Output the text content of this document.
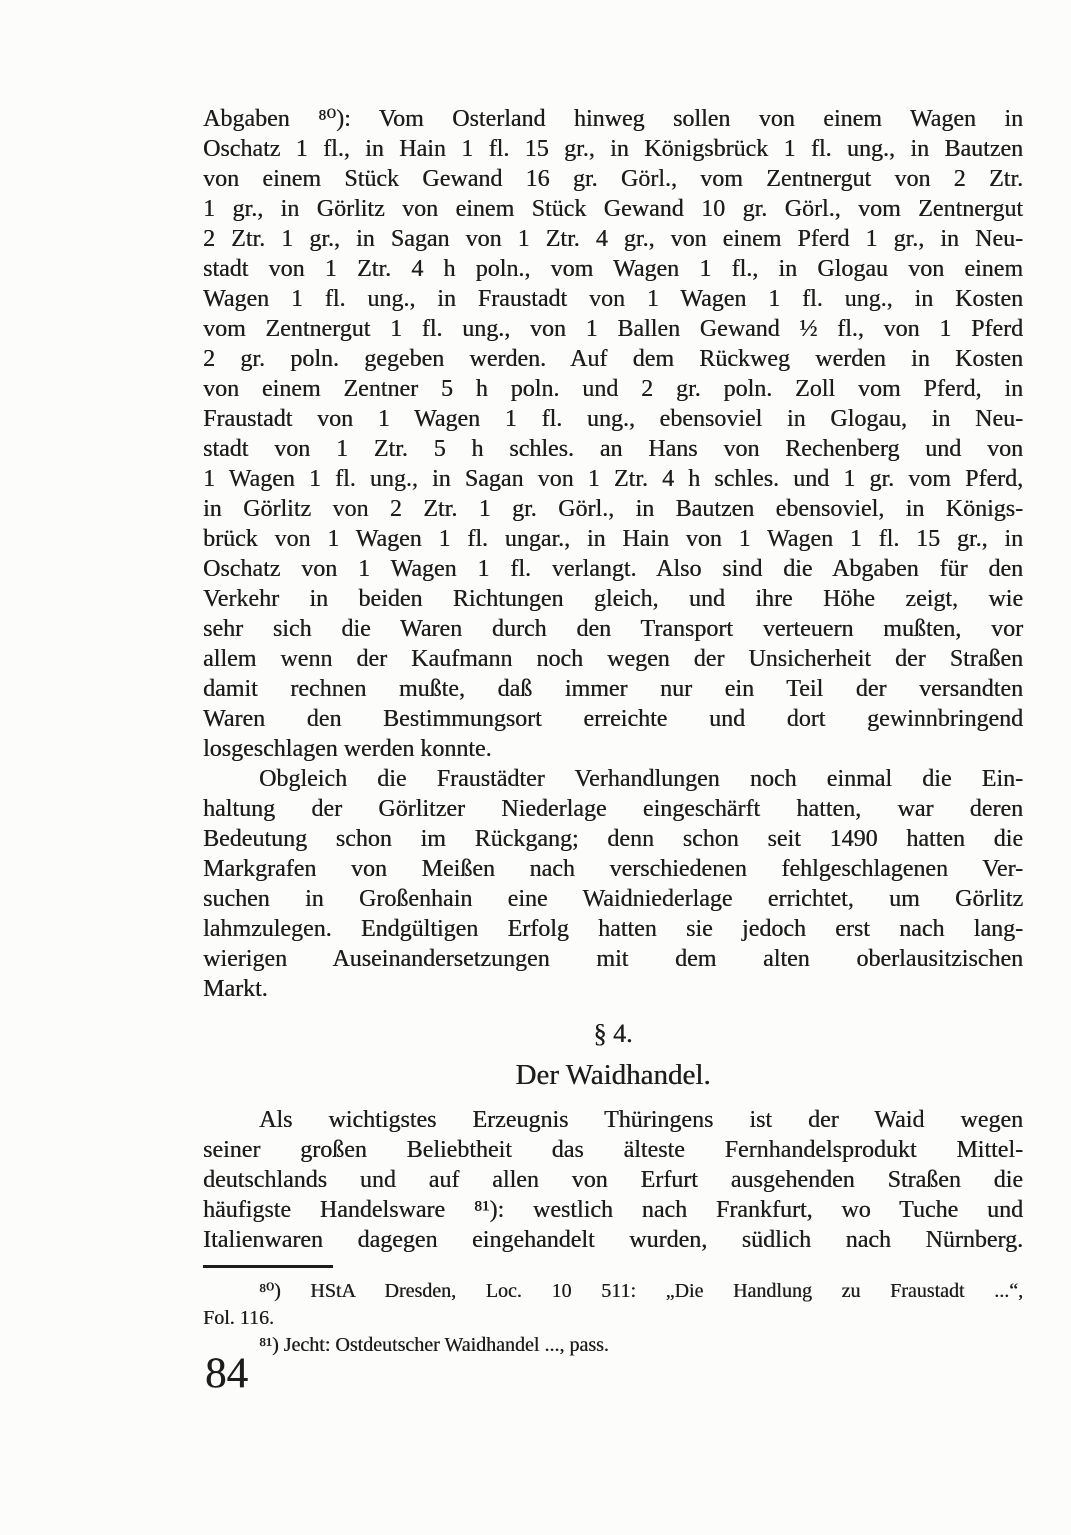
Abgaben ⁸⁰): Vom Osterland hinweg sollen von einem Wagen in
Oschatz 1 fl., in Hain 1 fl. 15 gr., in Königsbrück 1 fl. ung., in Bautzen
von einem Stück Gewand 16 gr. Görl., vom Zentnergut von 2 Ztr.
1 gr., in Görlitz von einem Stück Gewand 10 gr. Görl., vom Zentnergut
2 Ztr. 1 gr., in Sagan von 1 Ztr. 4 gr., von einem Pferd 1 gr., in Neu-
stadt von 1 Ztr. 4 h poln., vom Wagen 1 fl., in Glogau von einem
Wagen 1 fl. ung., in Fraustadt von 1 Wagen 1 fl. ung., in Kosten
vom Zentnergut 1 fl. ung., von 1 Ballen Gewand ½ fl., von 1 Pferd
2 gr. poln. gegeben werden. Auf dem Rückweg werden in Kosten
von einem Zentner 5 h poln. und 2 gr. poln. Zoll vom Pferd, in
Fraustadt von 1 Wagen 1 fl. ung., ebensoviel in Glogau, in Neu-
stadt von 1 Ztr. 5 h schles. an Hans von Rechenberg und von
1 Wagen 1 fl. ung., in Sagan von 1 Ztr. 4 h schles. und 1 gr. vom Pferd,
in Görlitz von 2 Ztr. 1 gr. Görl., in Bautzen ebensoviel, in Königs-
brück von 1 Wagen 1 fl. ungar., in Hain von 1 Wagen 1 fl. 15 gr., in
Oschatz von 1 Wagen 1 fl. verlangt. Also sind die Abgaben für den
Verkehr in beiden Richtungen gleich, und ihre Höhe zeigt, wie
sehr sich die Waren durch den Transport verteuern mußten, vor
allem wenn der Kaufmann noch wegen der Unsicherheit der Straßen
damit rechnen mußte, daß immer nur ein Teil der versandten
Waren den Bestimmungsort erreichte und dort gewinnbringend
losgeschlagen werden konnte.
Obgleich die Fraustädter Verhandlungen noch einmal die Ein-
haltung der Görlitzer Niederlage eingeschärft hatten, war deren
Bedeutung schon im Rückgang; denn schon seit 1490 hatten die
Markgrafen von Meißen nach verschiedenen fehlgeschlagenen Ver-
suchen in Großenhain eine Waidniederlage errichtet, um Görlitz
lahmzulegen. Endgültigen Erfolg hatten sie jedoch erst nach lang-
wierigen Auseinandersetzungen mit dem alten oberlausitzischen
Markt.
§ 4.
Der Waidhandel.
Als wichtigstes Erzeugnis Thüringens ist der Waid wegen
seiner großen Beliebtheit das älteste Fernhandelsprodukt Mittel-
deutschlands und auf allen von Erfurt ausgehenden Straßen die
häufigste Handelsware ⁸¹): westlich nach Frankfurt, wo Tuche und
Italienwaren dagegen eingehandelt wurden, südlich nach Nürnberg.
⁸⁰) HStA Dresden, Loc. 10 511: „Die Handlung zu Fraustadt ...“,
Fol. 116.
⁸¹) Jecht: Ostdeutscher Waidhandel ..., pass.
84
